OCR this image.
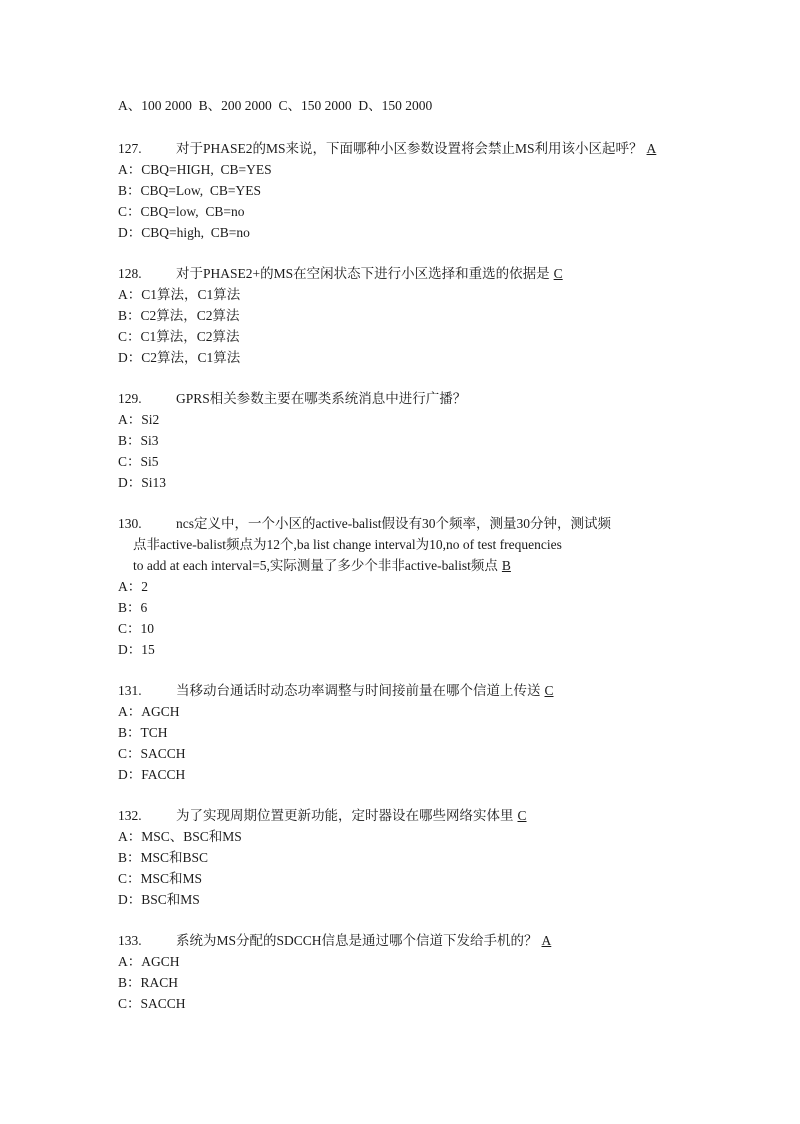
A、100 2000  B、200 2000  C、150 2000  D、150 2000
127.	对于PHASE2的MS来说，下面哪种小区参数设置将会禁止MS利用该小区起呼？ A
A：CBQ=HIGH,  CB=YES
B：CBQ=Low,  CB=YES
C：CBQ=low,  CB=no
D：CBQ=high,  CB=no
128.	对于PHASE2+的MS在空闲状态下进行小区选择和重选的依据是 C
A：C1算法，C1算法
B：C2算法，C2算法
C：C1算法，C2算法
D：C2算法，C1算法
129.	GPRS相关参数主要在哪类系统消息中进行广播？
A：Si2
B：Si3
C：Si5
D：Si13
130.	ncs定义中，一个小区的active-balist假设有30个频率，测量30分钟，测试频
点非active-balist频点为12个,ba list change interval为10,no of test frequencies
to add at each interval=5,实际测量了多少个非非active-balist频点 B
A：2
B：6
C：10
D：15
131.	当移动台通话时动态功率调整与时间接前量在哪个信道上传送 C
A：AGCH
B：TCH
C：SACCH
D：FACCH
132.	为了实现周期位置更新功能，定时器设在哪些网络实体里 C
A：MSC、BSC和MS
B：MSC和BSC
C：MSC和MS
D：BSC和MS
133.	系统为MS分配的SDCCH信息是通过哪个信道下发给手机的？ A
A：AGCH
B：RACH
C：SACCH
